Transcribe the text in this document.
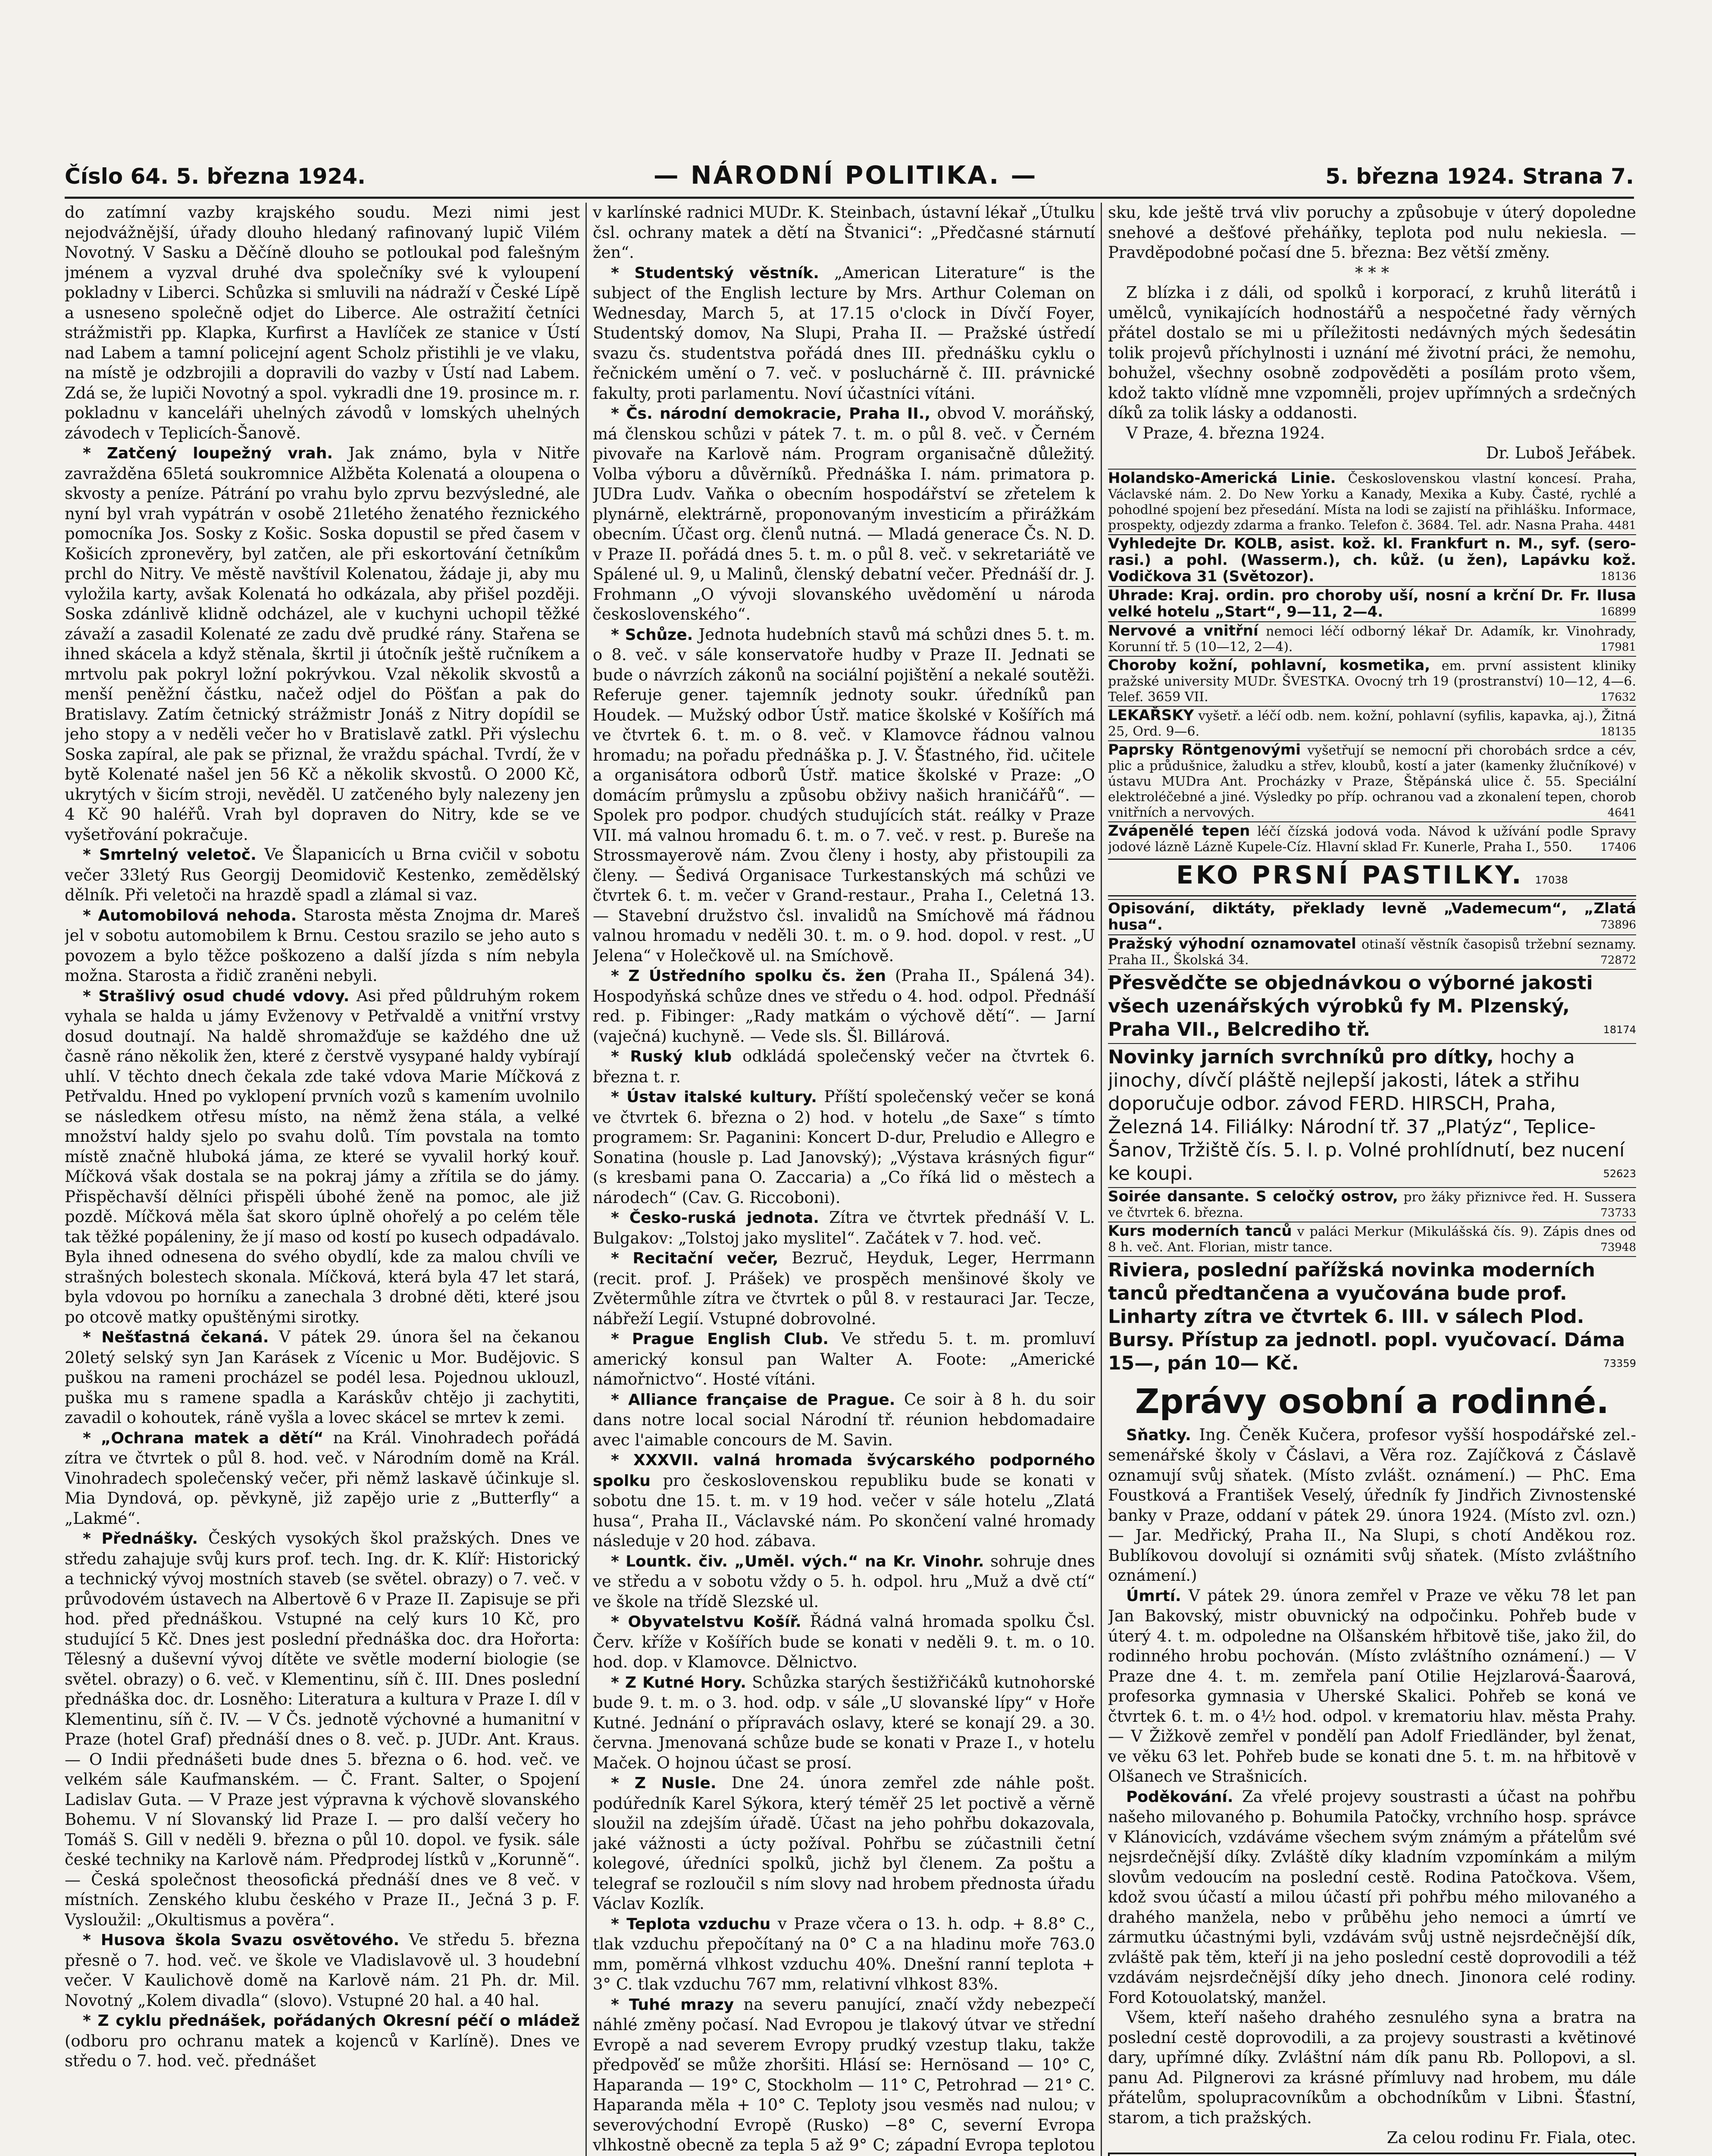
Číslo 64. 5. března 1924.	— NÁRODNÍ POLITIKA. —	5. března 1924. Strana 7.

do zatímní vazby krajského soudu. Mezi nimi jest nejodvážnější, úřady dlouho hledaný rafinovaný lupič Vilém Novotný. V Sasku a Děčíně dlouho se potloukal pod falešným jménem a vyzval druhé dva společníky své k vyloupení pokladny v Liberci. Schůzka si smluvili na nádraží v České Lípě a usneseno společně odjet do Liberce. Ale ostražití četníci strážmistři pp. Klapka, Kurfirst a Havlíček ze stanice v Ústí nad Labem a tamní policejní agent Scholz přistihli je ve vlaku, na místě je odzbrojili a dopravili do vazby v Ústí nad Labem. Zdá se, že lupiči Novotný a spol. vykradli dne 19. prosince m. r. pokladnu v kanceláři uhelných závodů v lomských uhelných závodech v Teplicích-Šanově.

* Zatčený loupežný vrah. Jak známo, byla v Nitře zavražděna 65letá soukromnice Alžběta Kolenatá a oloupena o skvosty a peníze. Pátrání po vrahu bylo zprvu bezvýsledné, ale nyní byl vrah vypátrán v osobě 21letého ženatého řeznického pomocníka Jos. Sosky z Košic. Soska dopustil se před časem v Košicích zpronevěry, byl zatčen, ale při eskortování četníkům prchl do Nitry. Ve městě navštívil Kolenatou, žádaje ji, aby mu vyložila karty, avšak Kolenatá ho odkázala, aby přišel později. Soska zdánlivě klidně odcházel, ale v kuchyni uchopil těžké závaží a zasadil Kolenaté ze zadu dvě prudké rány. Stařena se ihned skácela a když stěnala, škrtil ji útočník ještě ručníkem a mrtvolu pak pokryl ložní pokrývkou. Vzal několik skvostů a menší peněžní částku, načež odjel do Pöšťan a pak do Bratislavy. Zatím četnický strážmistr Jonáš z Nitry dopídil se jeho stopy a v neděli večer ho v Bratislavě zatkl. Při výslechu Soska zapíral, ale pak se přiznal, že vraždu spáchal. Tvrdí, že v bytě Kolenaté našel jen 56 Kč a několik skvostů. O 2000 Kč, ukrytých v šicím stroji, nevěděl. U zatčeného byly nalezeny jen 4 Kč 90 haléřů. Vrah byl dopraven do Nitry, kde se ve vyšetřování pokračuje.

* Smrtelný veletoč. Ve Šlapanicích u Brna cvičil v sobotu večer 33letý Rus Georgij Deomidovič Kestenko, zemědělský dělník. Při veletoči na hrazdě spadl a zlámal si vaz.

* Automobilová nehoda. Starosta města Znojma dr. Mareš jel v sobotu automobilem k Brnu. Cestou srazilo se jeho auto s povozem a bylo těžce poškozeno a další jízda s ním nebyla možna. Starosta a řidič zraněni nebyli.

* Strašlivý osud chudé vdovy. Asi před půldruhým rokem vyhala se halda u jámy Evženovy v Petřvaldě a vnitřní vrstvy dosud doutnají. Na haldě shromažďuje se každého dne už časně ráno několik žen, které z čerstvě vysypané haldy vybírají uhlí. V těchto dnech čekala zde také vdova Marie Míčková z Petřvaldu. Hned po vyklopení prvních vozů s kamením uvolnilo se následkem otřesu místo, na němž žena stála, a velké množství haldy sjelo po svahu dolů. Tím povstala na tomto místě značně hluboká jáma, ze které se vyvalil horký kouř. Míčková však dostala se na pokraj jámy a zřítila se do jámy. Přispěchavší dělníci přispěli úbohé ženě na pomoc, ale již pozdě. Míčková měla šat skoro úplně ohořelý a po celém těle tak těžké popáleniny, že jí maso od kostí po kusech odpadávalo. Byla ihned odnesena do svého obydlí, kde za malou chvíli ve strašných bolestech skonala. Míčková, která byla 47 let stará, byla vdovou po horníku a zanechala 3 drobné děti, které jsou po otcově matky opuštěnými sirotky.

* Nešťastná čekaná. V pátek 29. února šel na čekanou 20letý selský syn Jan Karásek z Vícenic u Mor. Budějovic. S puškou na rameni procházel se podél lesa. Pojednou uklouzl, puška mu s ramene spadla a Karáskův chtějo ji zachytiti, zavadil o kohoutek, ráně vyšla a lovec skácel se mrtev k zemi.

* „Ochrana matek a dětí“ na Král. Vinohradech pořádá zítra ve čtvrtek o půl 8. hod. več. v Národním domě na Král. Vinohradech společenský večer, při němž laskavě účinkuje sl. Mia Dyndová, op. pěvkyně, již zapějo urie z „Butterfly“ a „Lakmé“.

* Přednášky. Českých vysokých škol pražských. Dnes ve středu zahajuje svůj kurs prof. tech. Ing. dr. K. Klíř: Historický a technický vývoj mostních staveb (se světel. obrazy) o 7. več. v průvodovém ústavech na Albertově 6 v Praze II. Zapisuje se při hod. před přednáškou. Vstupné na celý kurs 10 Kč, pro studující 5 Kč. Dnes jest poslední přednáška doc. dra Hořorta: Tělesný a duševní vývoj dítěte ve světle moderní biologie (se světel. obrazy) o 6. več. v Klementinu, síň č. III. Dnes poslední přednáška doc. dr. Losněho: Literatura a kultura v Praze I. díl v Klementinu, síň č. IV. — V Čs. jednotě výchovné a humanitní v Praze (hotel Graf) přednáší dnes o 8. več. p. JUDr. Ant. Kraus. — O Indii přednášeti bude dnes 5. března o 6. hod. več. ve velkém sále Kaufmanském. — Č. Frant. Salter, o Spojení Ladislav Guta. — V Praze jest výpravna k výchově slovanského Bohemu. V ní Slovanský lid Praze I. — pro další večery ho Tomáš S. Gill v neděli 9. března o půl 10. dopol. ve fysik. sále české techniky na Karlově nám. Předprodej lístků v „Korunně“. — Česká společnost theosofická přednáší dnes ve 8 več. v místních. Zenského klubu českého v Praze II., Ječná 3 p. F. Vysloužil: „Okultismus a pověra“.

* Husova škola Svazu osvětového. Ve středu 5. března přesně o 7. hod. več. ve škole ve Vladislavově ul. 3 houdební večer. V Kaulichově domě na Karlově nám. 21 Ph. dr. Mil. Novotný „Kolem divadla“ (slovo). Vstupné 20 hal. a 40 hal.

* Z cyklu přednášek, pořádaných Okresní péčí o mládež (odboru pro ochranu matek a kojenců v Karlíně). Dnes ve středu o 7. hod. več. přednášet

v karlínské radnici MUDr. K. Steinbach, ústavní lékař „Útulku čsl. ochrany matek a dětí na Štvanici“: „Předčasné stárnutí žen“.

* Studentský věstník. „American Literature“ is the subject of the English lecture by Mrs. Arthur Coleman on Wednesday, March 5, at 17.15 o'clock in Dívčí Foyer, Studentský domov, Na Slupi, Praha II. — Pražské ústředí svazu čs. studentstva pořádá dnes III. přednášku cyklu o řečnickém umění o 7. več. v posluchárně č. III. právnické fakulty, proti parlamentu. Noví účastníci vítáni.

* Čs. národní demokracie, Praha II., obvod V. moráňský, má členskou schůzi v pátek 7. t. m. o půl 8. več. v Černém pivovaře na Karlově nám. Program organisačně důležitý. Volba výboru a důvěrníků. Přednáška I. nám. primatora p. JUDra Ludv. Vaňka o obecním hospodářství se zřetelem k plynárně, elektrárně, proponovaným investicím a přirážkám obecním. Účast org. členů nutná. — Mladá generace Čs. N. D. v Praze II. pořádá dnes 5. t. m. o půl 8. več. v sekretariátě ve Spálené ul. 9, u Malinů, členský debatní večer. Přednáší dr. J. Frohmann „O vývoji slovanského uvědomění u národa československého“.

* Schůze. Jednota hudebních stavů má schůzi dnes 5. t. m. o 8. več. v sále konservatoře hudby v Praze II. Jednati se bude o návrzích zákonů na sociální pojištění a nekalé soutěži. Referuje gener. tajemník jednoty soukr. úředníků pan Houdek. — Mužský odbor Ústř. matice školské v Košířích má ve čtvrtek 6. t. m. o 8. več. v Klamovce řádnou valnou hromadu; na pořadu přednáška p. J. V. Šťastného, řid. učitele a organisátora odborů Ústř. matice školské v Praze: „O domácím průmyslu a způsobu obživy našich hraničářů“. — Spolek pro podpor. chudých studujících stát. reálky v Praze VII. má valnou hromadu 6. t. m. o 7. več. v rest. p. Bureše na Strossmayerově nám. Zvou členy i hosty, aby přistoupili za členy. — Šedivá Organisace Turkestanských má schůzi ve čtvrtek 6. t. m. večer v Grand-restaur., Praha I., Celetná 13. — Stavební družstvo čsl. invalidů na Smíchově má řádnou valnou hromadu v neděli 30. t. m. o 9. hod. dopol. v rest. „U Jelena“ v Holečkově ul. na Smíchově.

* Z Ústředního spolku čs. žen (Praha II., Spálená 34). Hospodyňská schůze dnes ve středu o 4. hod. odpol. Přednáší red. p. Fibinger: „Rady matkám o výchově dětí“. — Jarní (vaječná) kuchyně. — Vede sls. Šl. Billárová.

* Ruský klub odkládá společenský večer na čtvrtek 6. března t. r.

* Ústav italské kultury. Příští společenský večer se koná ve čtvrtek 6. března o 2) hod. v hotelu „de Saxe“ s tímto programem: Sr. Paganini: Koncert D-dur, Preludio e Allegro e Sonatina (housle p. Lad Janovský); „Výstava krásných figur“ (s kresbami pana O. Zaccaria) a „Co říká lid o městech a národech“ (Cav. G. Riccoboni).

* Česko-ruská jednota. Zítra ve čtvrtek přednáší V. L. Bulgakov: „Tolstoj jako myslitel“. Začátek v 7. hod. več.

* Recitační večer, Bezruč, Heyduk, Leger, Herrmann (recit. prof. J. Prášek) ve prospěch menšinové školy ve Zvětermůhle zítra ve čtvrtek o půl 8. v restauraci Jar. Tecze, nábřeží Legií. Vstupné dobrovolné.

* Prague English Club. Ve středu 5. t. m. promluví americký konsul pan Walter A. Foote: „Americké námořnictvo“. Hosté vítáni.

* Alliance française de Prague. Ce soir à 8 h. du soir dans notre local social Národní tř. réunion hebdomadaire avec l'aimable concours de M. Savin.

* XXXVII. valná hromada švýcarského podporného spolku pro československou republiku bude se konati v sobotu dne 15. t. m. v 19 hod. večer v sále hotelu „Zlatá husa“, Praha II., Václavské nám. Po skončení valné hromady následuje v 20 hod. zábava.

* Lountk. čiv. „Uměl. vých.“ na Kr. Vinohr. sohruje dnes ve středu a v sobotu vždy o 5. h. odpol. hru „Muž a dvě ctí“ ve škole na třídě Slezské ul.

* Obyvatelstvu Košíř. Řádná valná hromada spolku Čsl. Červ. kříže v Košířích bude se konati v neděli 9. t. m. o 10. hod. dop. v Klamovce. Dělnictvo.

* Z Kutné Hory. Schůzka starých šestižřičáků kutnohorské bude 9. t. m. o 3. hod. odp. v sále „U slovanské lípy“ v Hoře Kutné. Jednání o přípravách oslavy, které se konají 29. a 30. června. Jmenovaná schůze bude se konati v Praze I., v hotelu Maček. O hojnou účast se prosí.

* Z Nusle. Dne 24. února zemřel zde náhle pošt. podúředník Karel Sýkora, který téměř 25 let poctivě a věrně sloužil na zdejším úřadě. Účast na jeho pohřbu dokazovala, jaké vážnosti a úcty požíval. Pohřbu se zúčastnili četní kolegové, úředníci spolků, jichž byl členem. Za poštu a telegraf se rozloučil s ním slovy nad hrobem přednosta úřadu Václav Kozlík.

* Teplota vzduchu v Praze včera o 13. h. odp. + 8.8° C., tlak vzduchu přepočítaný na 0° C a na hladinu moře 763.0 mm, poměrná vlhkost vzduchu 40%. Dnešní ranní teplota + 3° C. tlak vzduchu 767 mm, relativní vlhkost 83%.

* Tuhé mrazy na severu panující, značí vždy nebezpečí náhlé změny počasí. Nad Evropou je tlakový útvar ve střední Evropě a nad severem Evropy prudký vzestup tlaku, takže předpověď se může zhoršiti. Hlásí se: Hernösand — 10° C, Haparanda — 19° C, Stockholm — 11° C, Petrohrad — 21° C. Haparanda měla + 10° C. Teploty jsou vesměs nad nulou; v severovýchodní Evropě (Rusko) −8° C, severní Evropa vlhkostně obecně za tepla 5 až 9° C; západní Evropa teplotou

sku, kde ještě trvá vliv poruchy a způsobuje v úterý dopoledne snehové a dešťové přeháňky, teplota pod nulu nekiesla. — Pravděpodobné počasí dne 5. března: Bez větší změny.

* * *

Z blízka i z dáli, od spolků i korporací, z kruhů literátů i umělců, vynikajících hodnostářů a nespočetné řady věrných přátel dostalo se mi u příležitosti nedávných mých šedesátin tolik projevů příchylnosti i uznání mé životní práci, že nemohu, bohužel, všechny osobně zodpověděti a posílám proto všem, kdož takto vlídně mne vzpomněli, projev upřímných a srdečných díků za tolik lásky a oddanosti.

V Praze, 4. března 1924.

Dr. Luboš Jeřábek.

Holandsko-Americká Linie. Československou vlastní koncesí. Praha, Václavské nám. 2. Do New Yorku a Kanady, Mexika a Kuby. Časté, rychlé a pohodlné spojení bez přesedání. Místa na lodi se zajistí na přihlášku. Informace, prospekty, odjezdy zdarma a franko. Telefon č. 3684. Tel. adr. Nasna Praha. 4481
Vyhledejte Dr. KOLB, asist. kož. kl. Frankfurt n. M., syf. (sero-rasi.) a pohl. (Wasserm.), ch. kůž. (u žen), Lapávku kož. Vodičkova 31 (Světozor).	18136
Uhrade: Kraj. ordin. pro choroby uší, nosní a krční Dr. Fr. Ilusa velké hotelu „Start“, 9—11, 2—4.	16899
Nervové a vnitřní nemoci léčí odborný lékař Dr. Adamík, kr. Vinohrady, Korunní tř. 5 (10—12, 2—4).	17981
Choroby kožní, pohlavní, kosmetika, em. první assistent kliniky pražské university MUDr. ŠVESTKA. Ovocný trh 19 (prostranství) 10—12, 4—6. Telef. 3659 VII.	17632
LEKAŘSKY vyšetř. a léčí odb. nem. kožní, pohlavní (syfilis, kapavka, aj.), Žitná 25, Ord. 9—6.	18135
Paprsky Röntgenovými vyšetřují se nemocní při chorobách srdce a cév, plic a průdušnice, žaludku a střev, kloubů, kostí a jater (kamenky žlučníkové) v ústavu MUDra Ant. Procházky v Praze, Štěpánská ulice č. 55. Speciální elektroléčebné a jiné. Výsledky po příp. ochranou vad a zkonalení tepen, chorob vnitřních a nervových.	4641
Zvápenělé tepen léčí čízská jodová voda. Návod k užívání podle Spravy jodové lázně Lázně Kupele-Cíz. Hlavní sklad Fr. Kunerle, Praha I., 550.	17406
EKO PRSNÍ PASTILKY. 17038
Opisování, diktáty, překlady levně „Vademecum“, „Zlatá husa“.	73896
Pražský výhodní oznamovatel otinaší věstník časopisů tržební seznamy. Praha II., Školská 34.	72872
Přesvědčte se objednávkou o výborné jakosti všech uzenářských výrobků fy M. Plzenský, Praha VII., Belcrediho tř.	18174
Novinky jarních svrchníků pro dítky, hochy a jinochy, dívčí pláště nejlepší jakosti, látek a střihu doporučuje odbor. závod FERD. HIRSCH, Praha, Železná 14. Filiálky: Národní tř. 37 „Platýz“, Teplice-Šanov, Tržiště čís. 5. I. p. Volné prohlídnutí, bez nucení ke koupi.	52623
Soirée dansante. S celočký ostrov, pro žáky přiznivce řed. H. Sussera ve čtvrtek 6. března.	73733
Kurs moderních tanců v paláci Merkur (Mikulášská čís. 9). Zápis dnes od 8 h. več. Ant. Florian, mistr tance.	73948
Riviera, poslední pařížská novinka moderních tanců předtančena a vyučována bude prof. Linharty zítra ve čtvrtek 6. III. v sálech Plod. Bursy. Přístup za jednotl. popl. vyučovací. Dáma 15—, pán 10— Kč.	73359
Zprávy osobní a rodinné.

Sňatky. Ing. Čeněk Kučera, profesor vyšší hospodářské zel.-semenářské školy v Čáslavi, a Věra roz. Zajíčková z Čáslavě oznamují svůj sňatek. (Místo zvlášt. oznámení.) — PhC. Ema Foustková a František Veselý, úředník fy Jindřich Zivnostenské banky v Praze, oddaní v pátek 29. února 1924. (Místo zvl. ozn.) — Jar. Medřický, Praha II., Na Slupi, s chotí Anděkou roz. Bublíkovou dovolují si oznámiti svůj sňatek. (Místo zvláštního oznámení.)

Úmrtí. V pátek 29. února zemřel v Praze ve věku 78 let pan Jan Bakovský, mistr obuvnický na odpočinku. Pohřeb bude v úterý 4. t. m. odpoledne na Olšanském hřbitově tiše, jako žil, do rodinného hrobu pochován. (Místo zvláštního oznámení.) — V Praze dne 4. t. m. zemřela paní Otilie Hejzlarová-Šaarová, profesorka gymnasia v Uherské Skalici. Pohřeb se koná ve čtvrtek 6. t. m. o 4½ hod. odpol. v krematoriu hlav. města Prahy. — V Žižkově zemřel v pondělí pan Adolf Friedländer, byl ženat, ve věku 63 let. Pohřeb bude se konati dne 5. t. m. na hřbitově v Olšanech ve Strašnicích.

Poděkování. Za vřelé projevy soustrasti a účast na pohřbu našeho milovaného p. Bohumila Patočky, vrchního hosp. správce v Klánovicích, vzdáváme všechem svým známým a přátelům své nejsrdečnější díky. Zvláště díky kladním vzpomínkám a milým slovům vedoucím na poslední cestě. Rodina Patočkova. Všem, kdož svou účastí a milou účastí při pohřbu mého milovaného a drahého manžela, nebo v průběhu jeho nemoci a úmrtí ve zármutku účastnými byli, vzdávám svůj ustně nejsrdečnější dík, zvláště pak těm, kteří ji na jeho poslední cestě doprovodili a též vzdávám nejsrdečnější díky jeho dnech. Jinonora celé rodiny. Ford Kotouolatský, manžel.

Všem, kteří našeho drahého zesnulého syna a bratra na poslední cestě doprovodili, a za projevy soustrasti a květinové dary, upřímné díky. Zvláštní nám dík panu Rb. Pollopovi, a sl. panu Ad. Pilgnerovi za krásné přímluvy nad hrobem, mu dále přátelům, spolupracovníkům a obchodníkům v Libni. Šťastní, starom, a tich pražských.

Za celou rodinu Fr. Fiala, otec.
